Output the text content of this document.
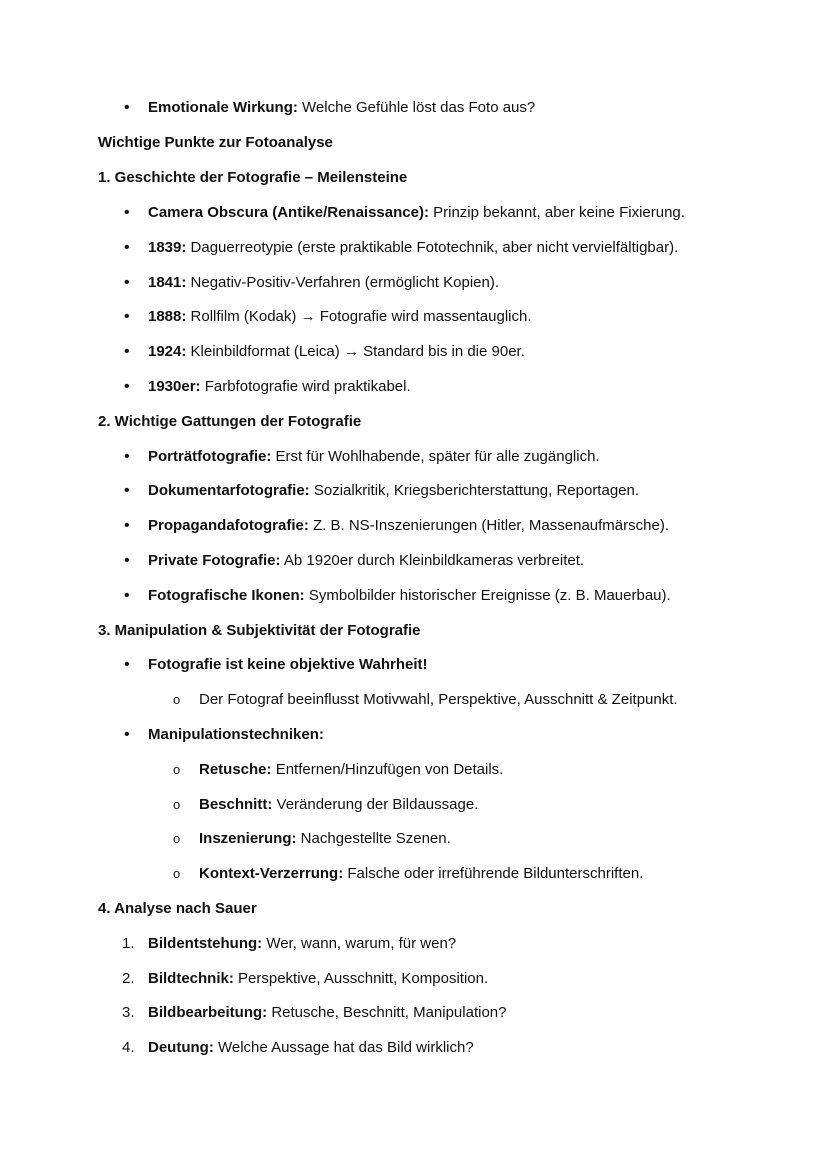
• Emotionale Wirkung: Welche Gefühle löst das Foto aus?
Wichtige Punkte zur Fotoanalyse
1. Geschichte der Fotografie – Meilensteine
• Camera Obscura (Antike/Renaissance): Prinzip bekannt, aber keine Fixierung.
• 1839: Daguerreotypie (erste praktikable Fototechnik, aber nicht vervielfältigbar).
• 1841: Negativ-Positiv-Verfahren (ermöglicht Kopien).
• 1888: Rollfilm (Kodak) → Fotografie wird massentauglich.
• 1924: Kleinbildformat (Leica) → Standard bis in die 90er.
• 1930er: Farbfotografie wird praktikabel.
2. Wichtige Gattungen der Fotografie
• Porträtfotografie: Erst für Wohlhabende, später für alle zugänglich.
• Dokumentarfotografie: Sozialkritik, Kriegsberichterstattung, Reportagen.
• Propagandafotografie: Z. B. NS-Inszenierungen (Hitler, Massenaufmärsche).
• Private Fotografie: Ab 1920er durch Kleinbildkameras verbreitet.
• Fotografische Ikonen: Symbolbilder historischer Ereignisse (z. B. Mauerbau).
3. Manipulation & Subjektivität der Fotografie
• Fotografie ist keine objektive Wahrheit!
o Der Fotograf beeinflusst Motivwahl, Perspektive, Ausschnitt & Zeitpunkt.
• Manipulationstechniken:
o Retusche: Entfernen/Hinzufügen von Details.
o Beschnitt: Veränderung der Bildaussage.
o Inszenierung: Nachgestellte Szenen.
o Kontext-Verzerrung: Falsche oder irreführende Bildunterschriften.
4. Analyse nach Sauer
1. Bildentstehung: Wer, wann, warum, für wen?
2. Bildtechnik: Perspektive, Ausschnitt, Komposition.
3. Bildbearbeitung: Retusche, Beschnitt, Manipulation?
4. Deutung: Welche Aussage hat das Bild wirklich?
